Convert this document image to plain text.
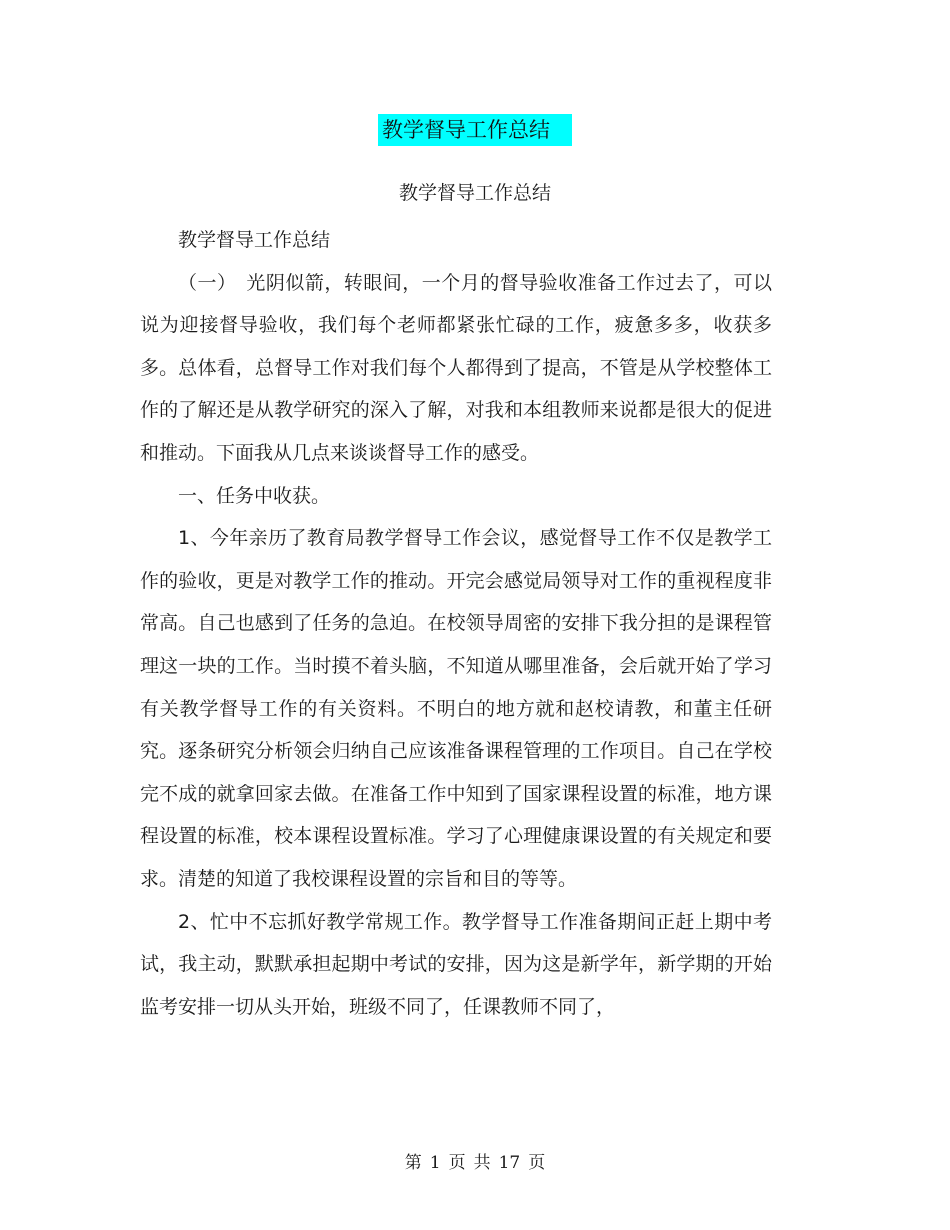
教学督导工作总结
教学督导工作总结

教学督导工作总结

（一）　光阴似箭，转眼间，一个月的督导验收准备工作过去了，可以说为迎接督导验收，我们每个老师都紧张忙碌的工作，疲惫多多，收获多多。总体看，总督导工作对我们每个人都得到了提高，不管是从学校整体工作的了解还是从教学研究的深入了解，对我和本组教师来说都是很大的促进和推动。下面我从几点来谈谈督导工作的感受。

一、任务中收获。

1、今年亲历了教育局教学督导工作会议，感觉督导工作不仅是教学工作的验收，更是对教学工作的推动。开完会感觉局领导对工作的重视程度非常高。自己也感到了任务的急迫。在校领导周密的安排下我分担的是课程管理这一块的工作。当时摸不着头脑，不知道从哪里准备，会后就开始了学习有关教学督导工作的有关资料。不明白的地方就和赵校请教，和董主任研究。逐条研究分析领会归纳自己应该准备课程管理的工作项目。自己在学校完不成的就拿回家去做。在准备工作中知到了国家课程设置的标准，地方课程设置的标准，校本课程设置标准。学习了心理健康课设置的有关规定和要求。清楚的知道了我校课程设置的宗旨和目的等等。

2、忙中不忘抓好教学常规工作。教学督导工作准备期间正赶上期中考试，我主动，默默承担起期中考试的安排，因为这是新学年，新学期的开始监考安排一切从头开始，班级不同了，任课教师不同了，

第 1 页 共 17 页
